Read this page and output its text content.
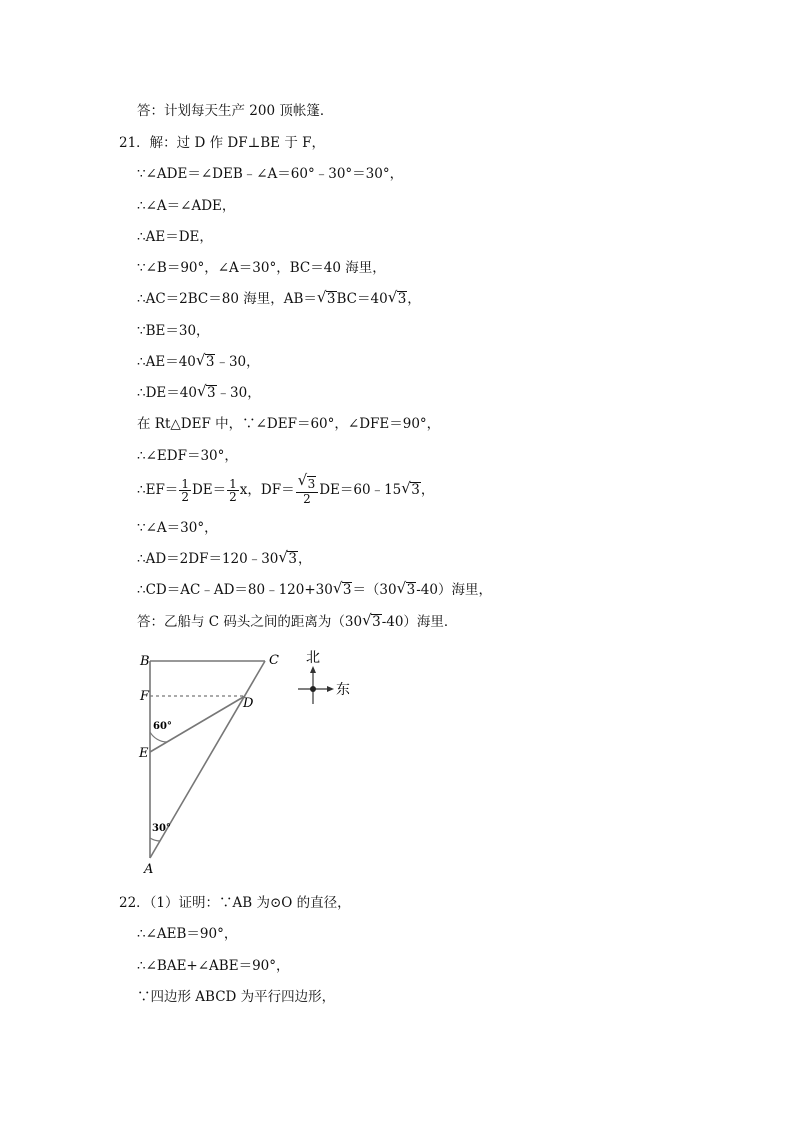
答：计划每天生产 200 顶帐篷．
21．解：过 D 作 DF⊥BE 于 F，
∵∠ADE＝∠DEB﹣∠A＝60°﹣30°＝30°，
∴∠A＝∠ADE，
∴AE＝DE，
∵∠B＝90°，∠A＝30°，BC＝40 海里，
∴AC＝2BC＝80 海里，AB＝ √ 3BC＝40 √ 3，
∵BE＝30，
∴AE＝40 √ 3﹣30，
∴DE＝40 √ 3﹣30，
在 Rt△DEF 中，∵∠DEF＝60°，∠DFE＝90°，
∴∠EDF＝30°，
∴EF＝ $\frac{1}{2} DE= \frac{1}{2}$ x，$DF= \frac{√ 3}{2}$ DE＝60﹣15 √ 3，
∵∠A＝30°，
∴AD＝2DF＝120﹣30 √ 3，
∴CD＝AC﹣AD＝80﹣120+30 √ 3＝（30 √ 3-40）海里，
答：乙船与 C 码头之间的距离为（30 √ 3-40）海里．
B	C
F	D
E
A
60°
30°
北
东
22．（1）证明：∵AB 为⊙O 的直径，
∴∠AEB＝90°，
∴∠BAE+∠ABE＝90°，
∵四边形 ABCD 为平行四边形，
